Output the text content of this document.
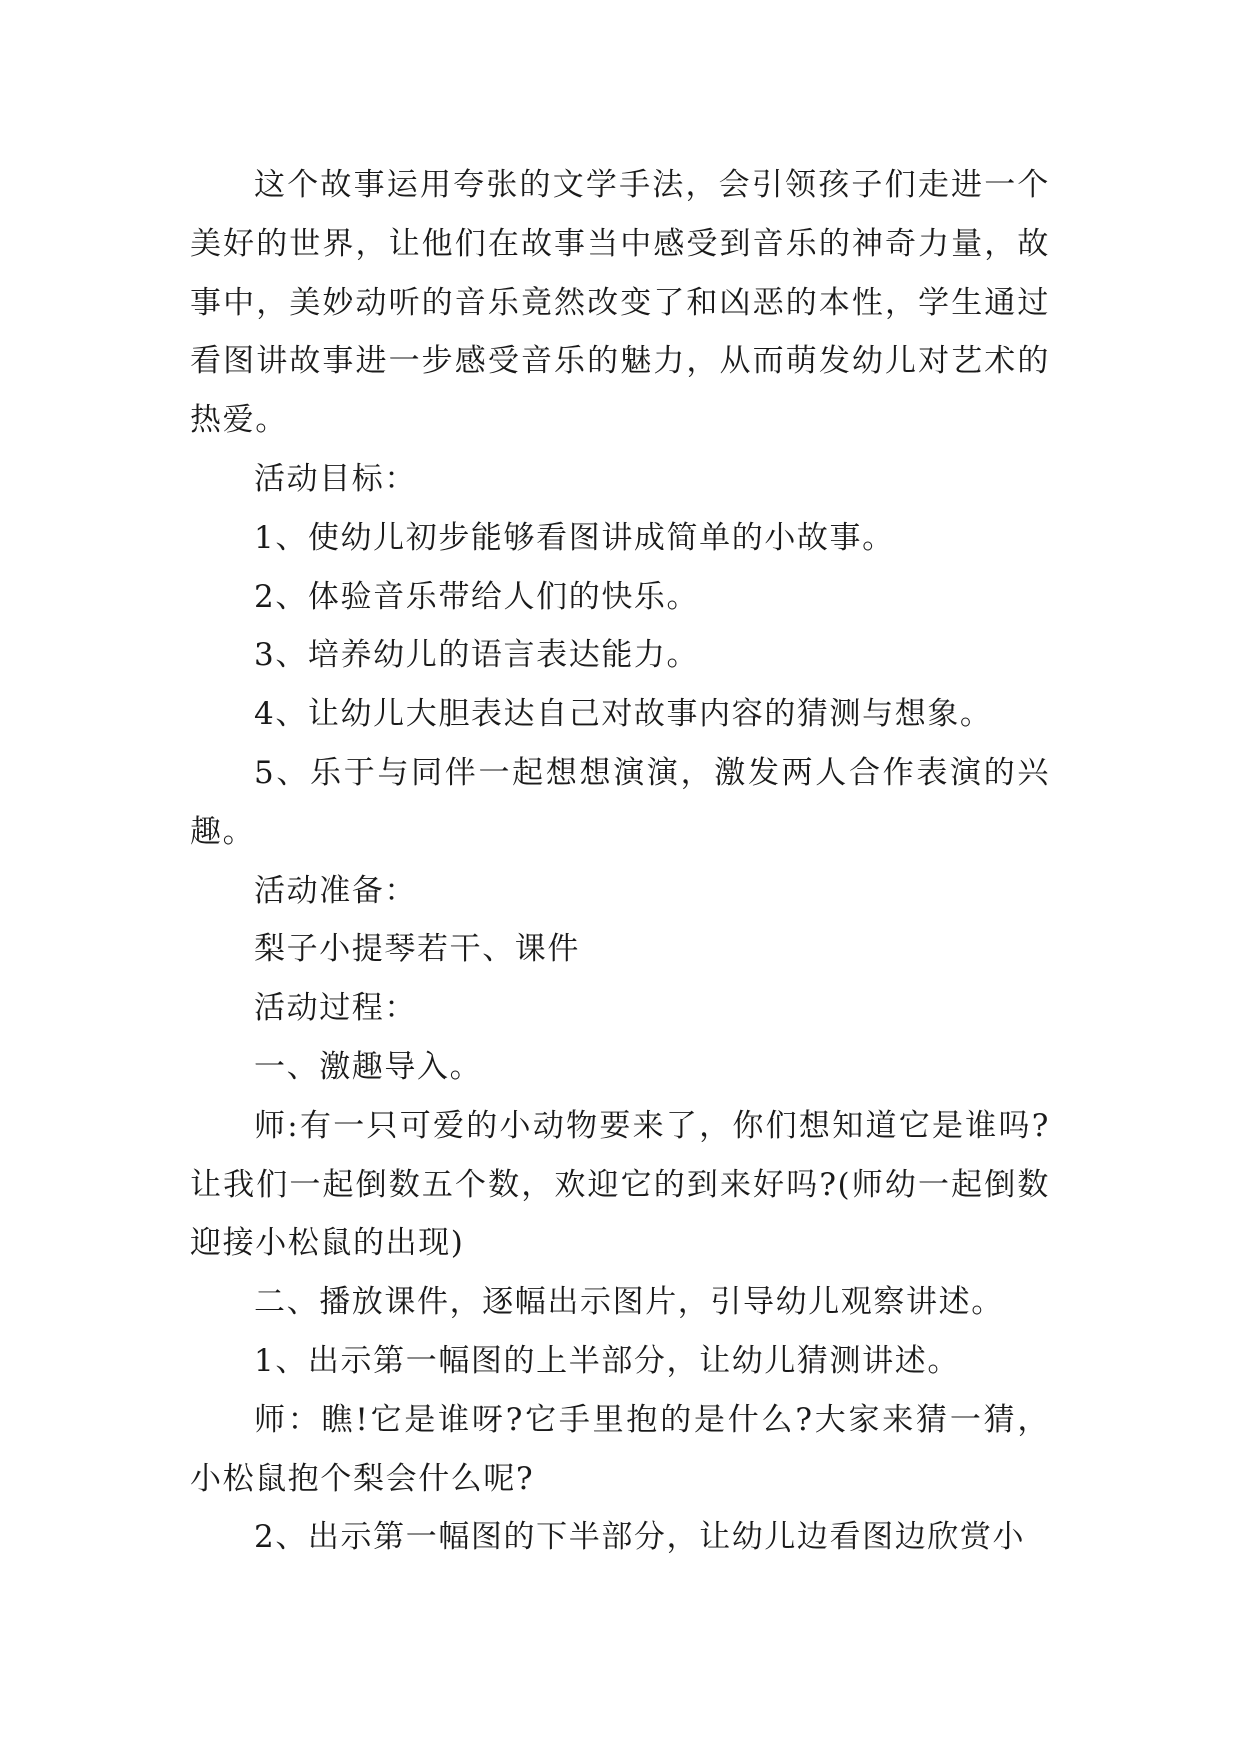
这个故事运用夸张的文学手法，会引领孩子们走进一个美好的世界，让他们在故事当中感受到音乐的神奇力量，故事中，美妙动听的音乐竟然改变了和凶恶的本性，学生通过看图讲故事进一步感受音乐的魅力，从而萌发幼儿对艺术的热爱。

活动目标：

1、使幼儿初步能够看图讲成简单的小故事。

2、体验音乐带给人们的快乐。

3、培养幼儿的语言表达能力。

4、让幼儿大胆表达自己对故事内容的猜测与想象。

5、乐于与同伴一起想想演演，激发两人合作表演的兴趣。

活动准备：

梨子小提琴若干、课件

活动过程：

一、激趣导入。

师:有一只可爱的小动物要来了，你们想知道它是谁吗?让我们一起倒数五个数，欢迎它的到来好吗?(师幼一起倒数迎接小松鼠的出现)

二、播放课件，逐幅出示图片，引导幼儿观察讲述。

1、出示第一幅图的上半部分，让幼儿猜测讲述。

师：瞧!它是谁呀?它手里抱的是什么?大家来猜一猜，小松鼠抱个梨会什么呢?

2、出示第一幅图的下半部分，让幼儿边看图边欣赏小
